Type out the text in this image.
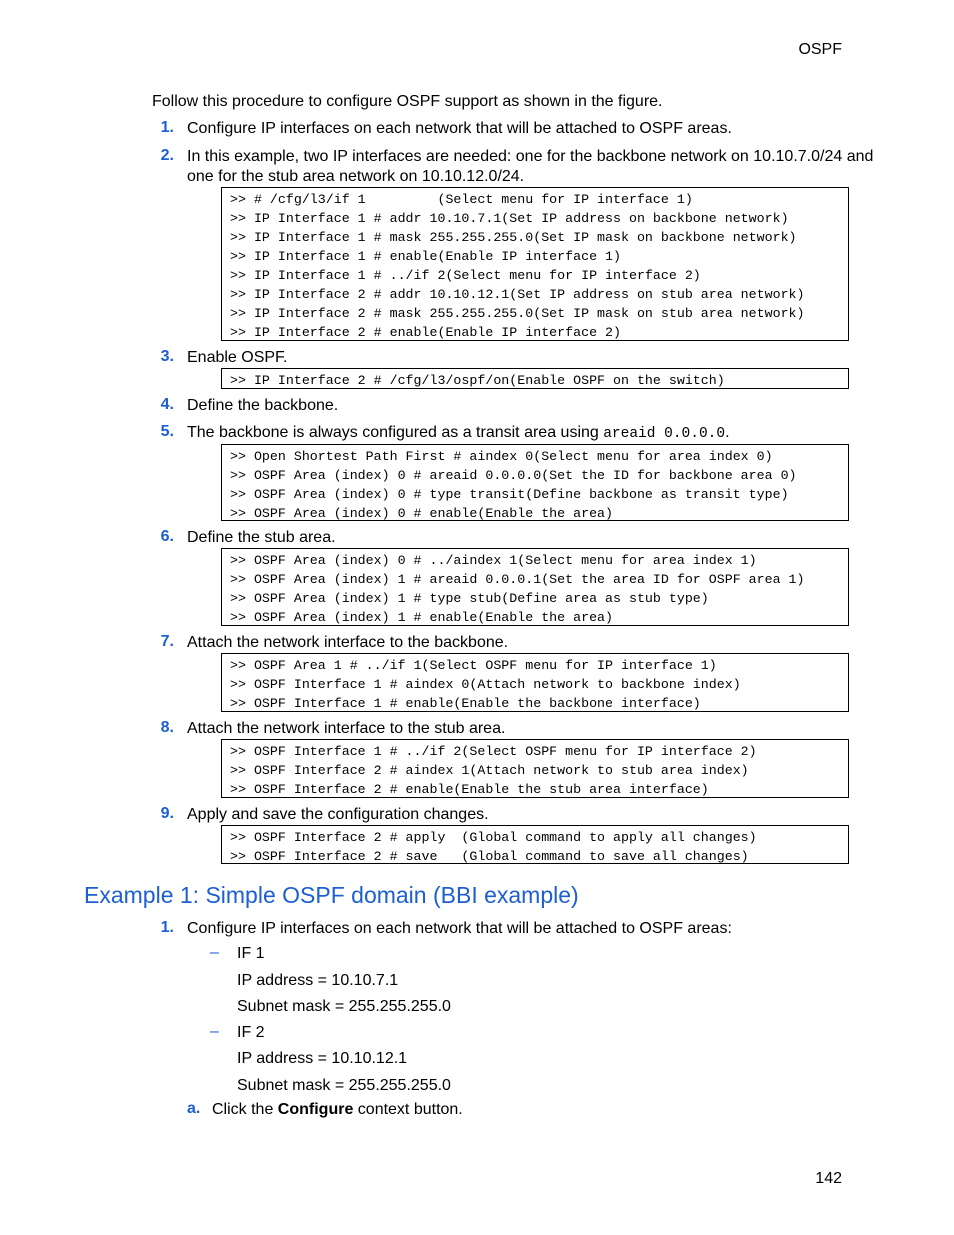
OSPF
Follow this procedure to configure OSPF support as shown in the figure.
1. Configure IP interfaces on each network that will be attached to OSPF areas.
2. In this example, two IP interfaces are needed: one for the backbone network on 10.10.7.0/24 and
one for the stub area network on 10.10.12.0/24.
>> # /cfg/l3/if 1         (Select menu for IP interface 1)
>> IP Interface 1 # addr 10.10.7.1(Set IP address on backbone network)
>> IP Interface 1 # mask 255.255.255.0(Set IP mask on backbone network)
>> IP Interface 1 # enable(Enable IP interface 1)
>> IP Interface 1 # ../if 2(Select menu for IP interface 2)
>> IP Interface 2 # addr 10.10.12.1(Set IP address on stub area network)
>> IP Interface 2 # mask 255.255.255.0(Set IP mask on stub area network)
>> IP Interface 2 # enable(Enable IP interface 2)
3. Enable OSPF.
>> IP Interface 2 # /cfg/l3/ospf/on(Enable OSPF on the switch)
4. Define the backbone.
5. The backbone is always configured as a transit area using areaid 0.0.0.0.
>> Open Shortest Path First # aindex 0(Select menu for area index 0)
>> OSPF Area (index) 0 # areaid 0.0.0.0(Set the ID for backbone area 0)
>> OSPF Area (index) 0 # type transit(Define backbone as transit type)
>> OSPF Area (index) 0 # enable(Enable the area)
6. Define the stub area.
>> OSPF Area (index) 0 # ../aindex 1(Select menu for area index 1)
>> OSPF Area (index) 1 # areaid 0.0.0.1(Set the area ID for OSPF area 1)
>> OSPF Area (index) 1 # type stub(Define area as stub type)
>> OSPF Area (index) 1 # enable(Enable the area)
7. Attach the network interface to the backbone.
>> OSPF Area 1 # ../if 1(Select OSPF menu for IP interface 1)
>> OSPF Interface 1 # aindex 0(Attach network to backbone index)
>> OSPF Interface 1 # enable(Enable the backbone interface)
8. Attach the network interface to the stub area.
>> OSPF Interface 1 # ../if 2(Select OSPF menu for IP interface 2)
>> OSPF Interface 2 # aindex 1(Attach network to stub area index)
>> OSPF Interface 2 # enable(Enable the stub area interface)
9. Apply and save the configuration changes.
>> OSPF Interface 2 # apply  (Global command to apply all changes)
>> OSPF Interface 2 # save   (Global command to save all changes)
Example 1: Simple OSPF domain (BBI example)
1. Configure IP interfaces on each network that will be attached to OSPF areas:
– IF 1
IP address = 10.10.7.1
Subnet mask = 255.255.255.0
– IF 2
IP address = 10.10.12.1
Subnet mask = 255.255.255.0
a. Click the Configure context button.
142
